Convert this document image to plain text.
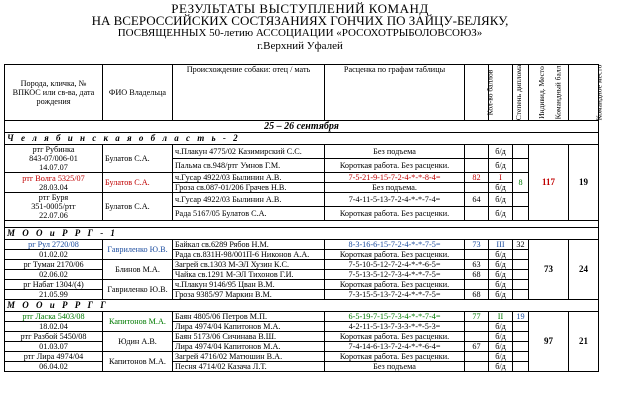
РЕЗУЛЬТАТЫ ВЫСТУПЛЕНИЙ КОМАНД
НА ВСЕРОССИЙСКИХ СОСТЯЗАНИЯХ ГОНЧИХ ПО ЗАЙЦУ-БЕЛЯКУ,
ПОСВЯЩЕННЫХ 50-летию АССОЦИАЦИИ «РОСОХОТРЫБОЛОВСОЮЗ»
г.Верхний Уфалей
Порода, кличка, № ВПКОС или св-ва, дата рождения	ФИО Владельца	Происхождение собаки: отец / мать	Расценка по графам таблицы	Кол-во баллов	Степень диплома	Индивид. Место	Командный балл	Командное место
25 – 26 сентября								
Ч е л я б и н с к а я о б л а с т ь - 2								

ртг Рубинка
843-07/006-01
14.07.07	Булатов С.А.	ч.Плакун 4775/02 Казимирский С.С.	Без подъема		б/д		117	19
		Пальма св.948/ртг Умнов Г.М.	Короткая работа. Без расценки.		б/д			

ртг Волга 5325/07
28.03.04	Булатов С.А.	ч.Гусар 4922/03 Былинин А.В.	7-5-21-9-15-7-2-4-*-*-8-4=	82	I	8		
		Гроза св.087-01/206 Грачев Н.В.	Без подъема.		б/д			

ртг Буря
351-0005/ртг
22.07.06	Булатов С.А.	ч.Гусар 4922/03 Былинин А.В.	7-4-11-5-13-7-2-4-*-*-7-4=	64	б/д			
		Рада 5167/05 Булатов С.А.	Короткая работа. Без расценки.		б/д			

М О О и Р Р Г - 1								
рг Рул 2720/08	Гавриленко Ю.В.	Байкал св.6289 Рябов Н.М.	8-3-16-6-15-7-2-4-*-*-7-5=	73	III	32	73	24
01.02.02		Рада св.831Н-98/001П-6 Никонов А.А.	Короткая работа. Без расценки.		б/д			
рг Туман 2170/06	Блинов М.А.	Загрей св.1303 М-ЭЛ Хузин К.С.	7-5-10-5-12-7-2-4-*-*-6-5=	63	б/д			
02.06.02		Чайка св.1291 М-ЭЛ Тихонов Г.И.	7-5-13-5-12-7-3-4-*-*-7-5=	68	б/д			
рг Набат 1304/(4)	Гавриленко Ю.В.	ч.Плакун 9146/95 Цван В.М.	Короткая работа. Без расценки.		б/д			
21.05.99		Гроза 9385/97 Маркин В.М.	7-3-15-5-13-7-2-4-*-*-7-5=	68	б/д			
М О О и Р Р Г Г								
ртг Ласка 5403/08	Капитонов М.А.	Баян 4805/06 Петров М.П.	6-5-19-7-15-7-3-4-*-*-7-4=	77	II	19	97	21
18.02.04		Лира 4974/04 Капитонов М.А.	4-2-11-5-13-7-3-3-*-*-5-3=		б/д			
ртг Разбой 5450/08	Юдин А.В.	Баян 5173/06 Сичинава В.Ш.	Короткая работа. Без расценки.		б/д			
01.03.07		Лира 4974/04 Капитонов М.А.	7-4-14-6-13-7-2-4-*-*-6-4=	67	б/д			
ртг Лира 4974/04	Капитонов М.А.	Загрей 4716/02 Матюшин В.А.	Короткая работа. Без расценки.		б/д			
06.04.02		Песня 4714/02 Казача Л.Т.	Без подъема		б/д			
